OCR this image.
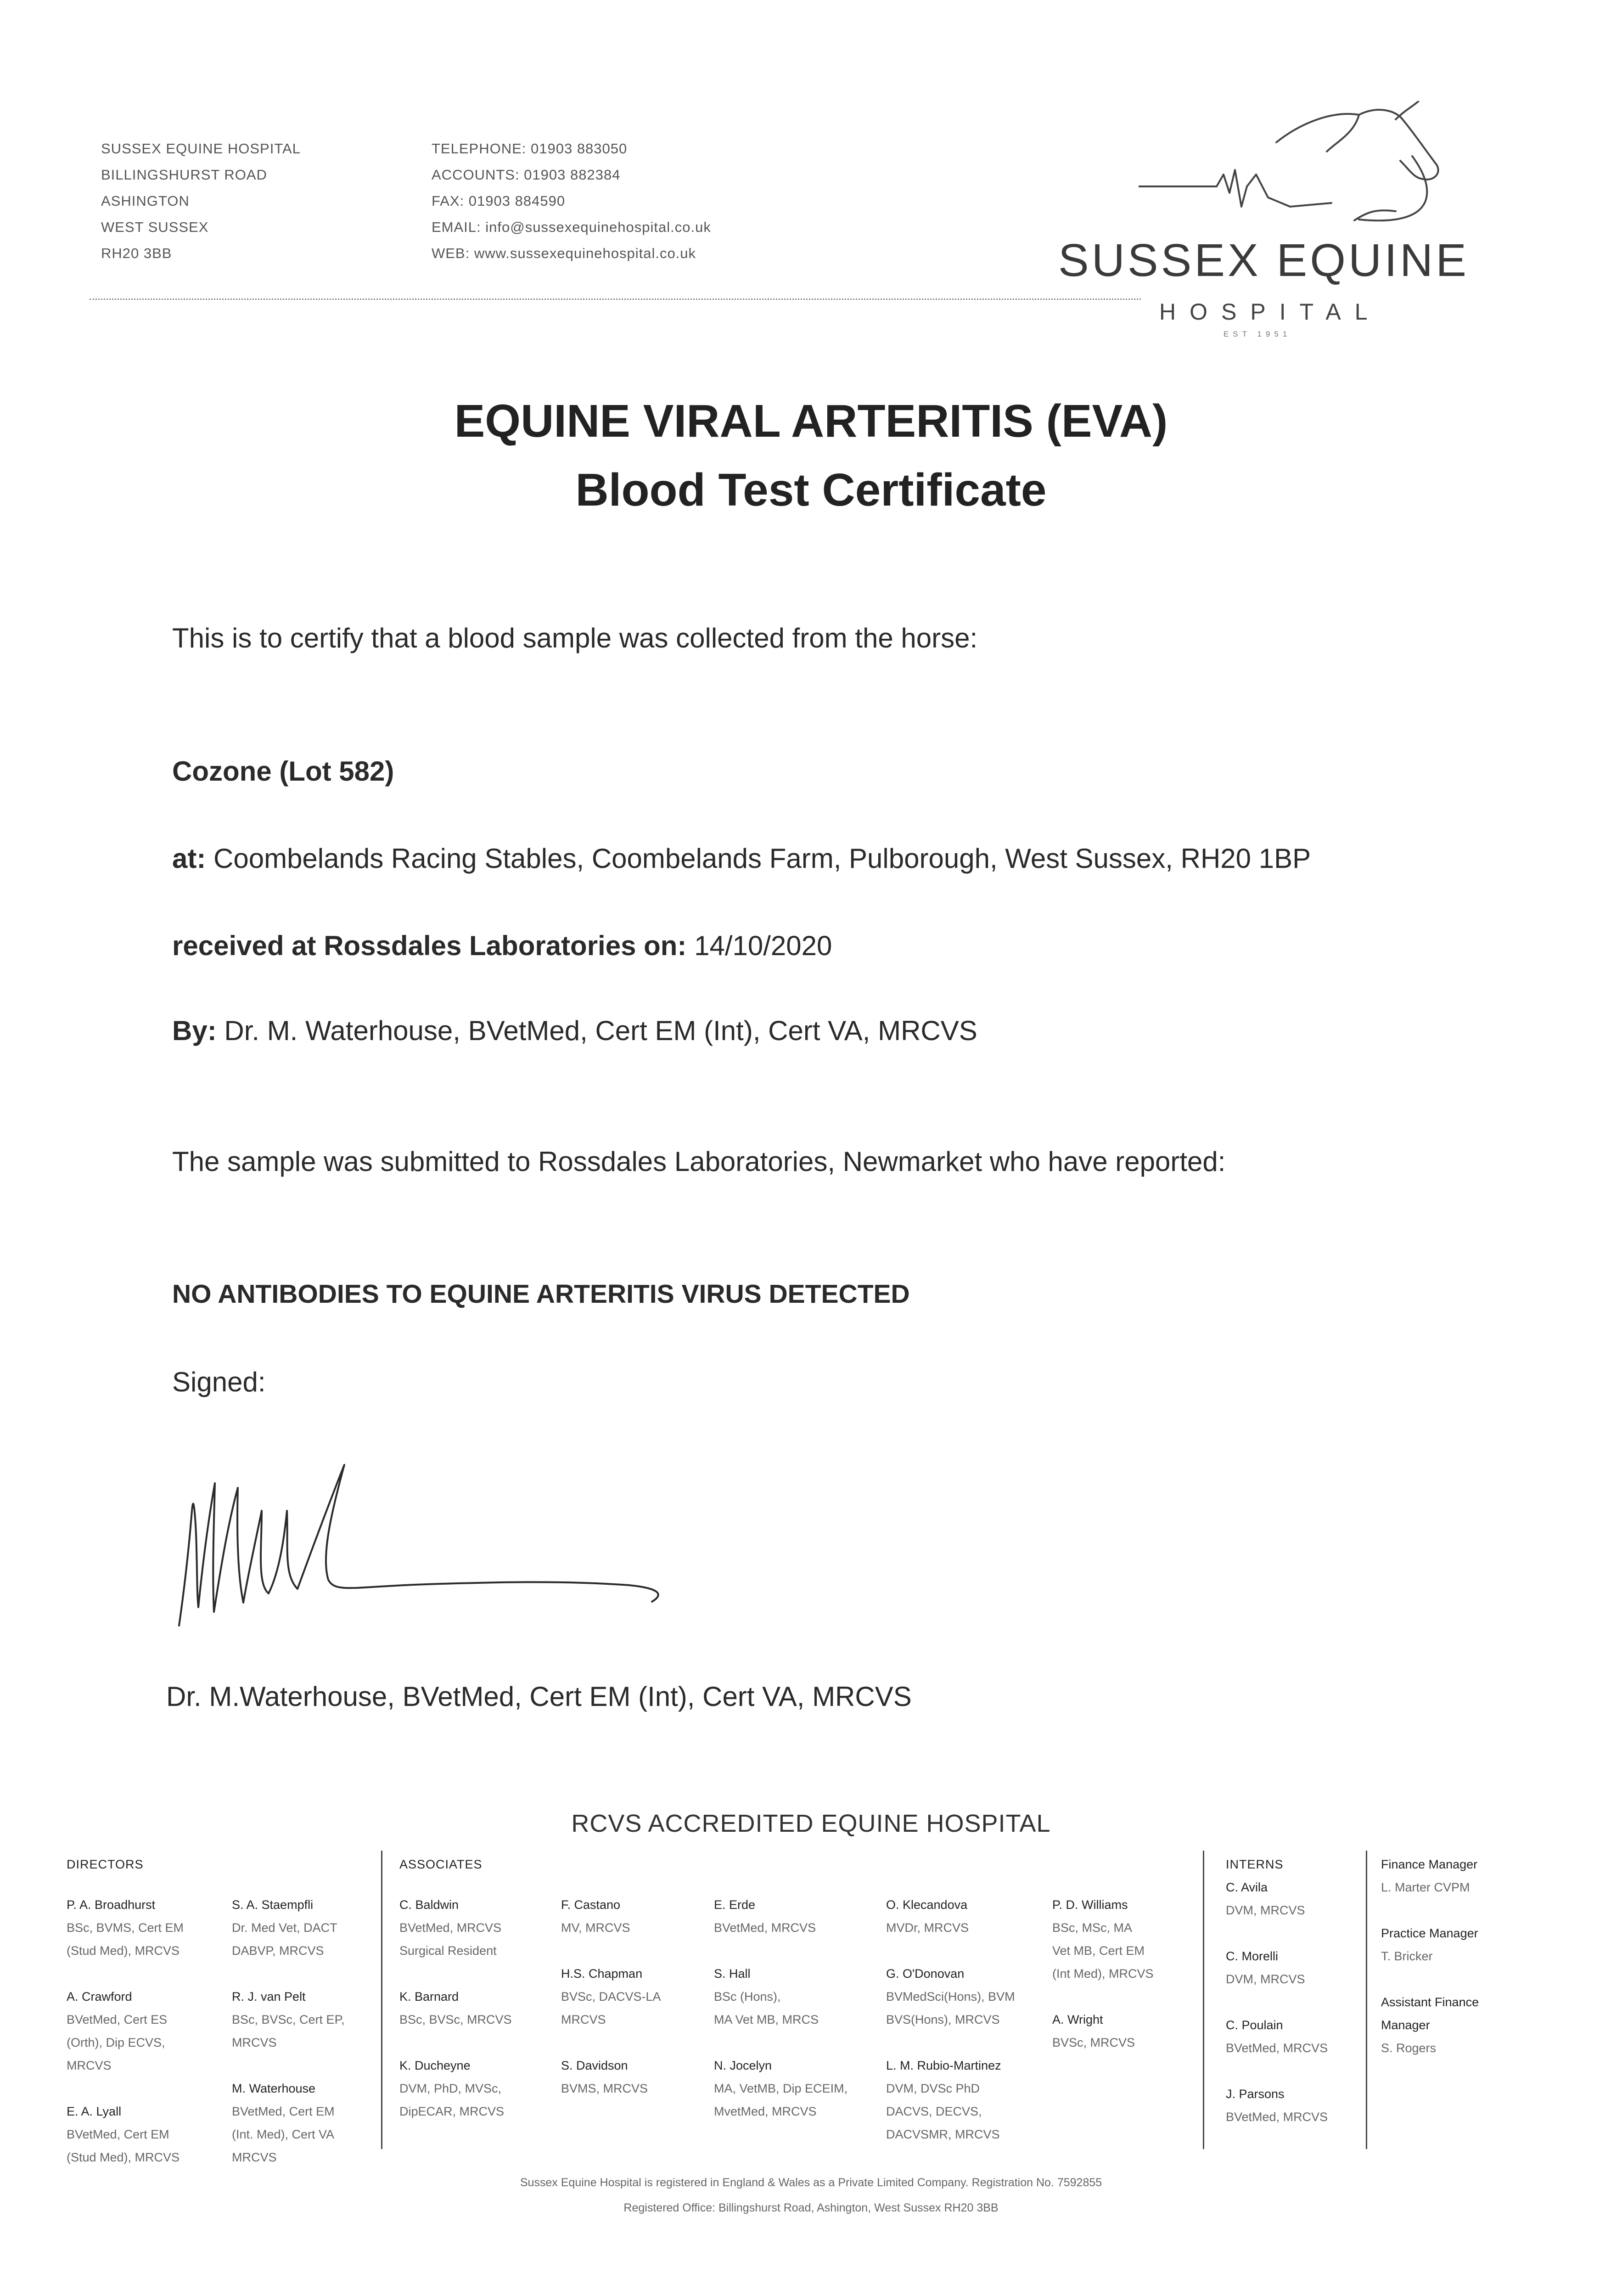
SUSSEX EQUINE HOSPITAL
BILLINGSHURST ROAD
ASHINGTON
WEST SUSSEX
RH20 3BB
TELEPHONE: 01903 883050
ACCOUNTS: 01903 882384
FAX: 01903 884590
EMAIL: info@sussexequinehospital.co.uk
WEB: www.sussexequinehospital.co.uk	SUSSEX EQUINE
HOSPITAL
EST 1951
EQUINE VIRAL ARTERITIS (EVA)
Blood Test Certificate
This is to certify that a blood sample was collected from the horse:
Cozone (Lot 582)
at: Coombelands Racing Stables, Coombelands Farm, Pulborough, West Sussex, RH20 1BP
received at Rossdales Laboratories on: 14/10/2020
By: Dr. M. Waterhouse, BVetMed, Cert EM (Int), Cert VA, MRCVS
The sample was submitted to Rossdales Laboratories, Newmarket who have reported:
NO ANTIBODIES TO EQUINE ARTERITIS VIRUS DETECTED
Signed:
Dr. M.Waterhouse, BVetMed, Cert EM (Int), Cert VA, MRCVS
RCVS ACCREDITED EQUINE HOSPITAL
DIRECTORS
P. A. Broadhurst
BSc, BVMS, Cert EM
(Stud Med), MRCVS
A. Crawford
BVetMed, Cert ES
(Orth), Dip ECVS,
MRCVS
E. A. Lyall
BVetMed, Cert EM
(Stud Med), MRCVS
S. A. Staempfli
Dr. Med Vet, DACT
DABVP, MRCVS
R. J. van Pelt
BSc, BVSc, Cert EP,
MRCVS
M. Waterhouse
BVetMed, Cert EM
(Int. Med), Cert VA
MRCVS
ASSOCIATES
C. Baldwin
BVetMed, MRCVS
Surgical Resident
K. Barnard
BSc, BVSc, MRCVS
K. Ducheyne
DVM, PhD, MVSc,
DipECAR, MRCVS
F. Castano
MV, MRCVS
H.S. Chapman
BVSc, DACVS-LA
MRCVS
S. Davidson
BVMS, MRCVS
E. Erde
BVetMed, MRCVS
S. Hall
BSc (Hons),
MA Vet MB, MRCS
N. Jocelyn
MA, VetMB, Dip ECEIM,
MvetMed, MRCVS
O. Klecandova
MVDr, MRCVS
G. O'Donovan
BVMedSci(Hons), BVM
BVS(Hons), MRCVS
L. M. Rubio-Martinez
DVM, DVSc PhD
DACVS, DECVS,
DACVSMR, MRCVS
P. D. Williams
BSc, MSc, MA
Vet MB, Cert EM
(Int Med), MRCVS
A. Wright
BVSc, MRCVS
INTERNS
C. Avila
DVM, MRCVS
C. Morelli
DVM, MRCVS
C. Poulain
BVetMed, MRCVS
J. Parsons
BVetMed, MRCVS
Finance Manager
L. Marter CVPM
Practice Manager
T. Bricker
Assistant Finance Manager
S. Rogers
Sussex Equine Hospital is registered in England & Wales as a Private Limited Company. Registration No. 7592855
Registered Office: Billingshurst Road, Ashington, West Sussex RH20 3BB
